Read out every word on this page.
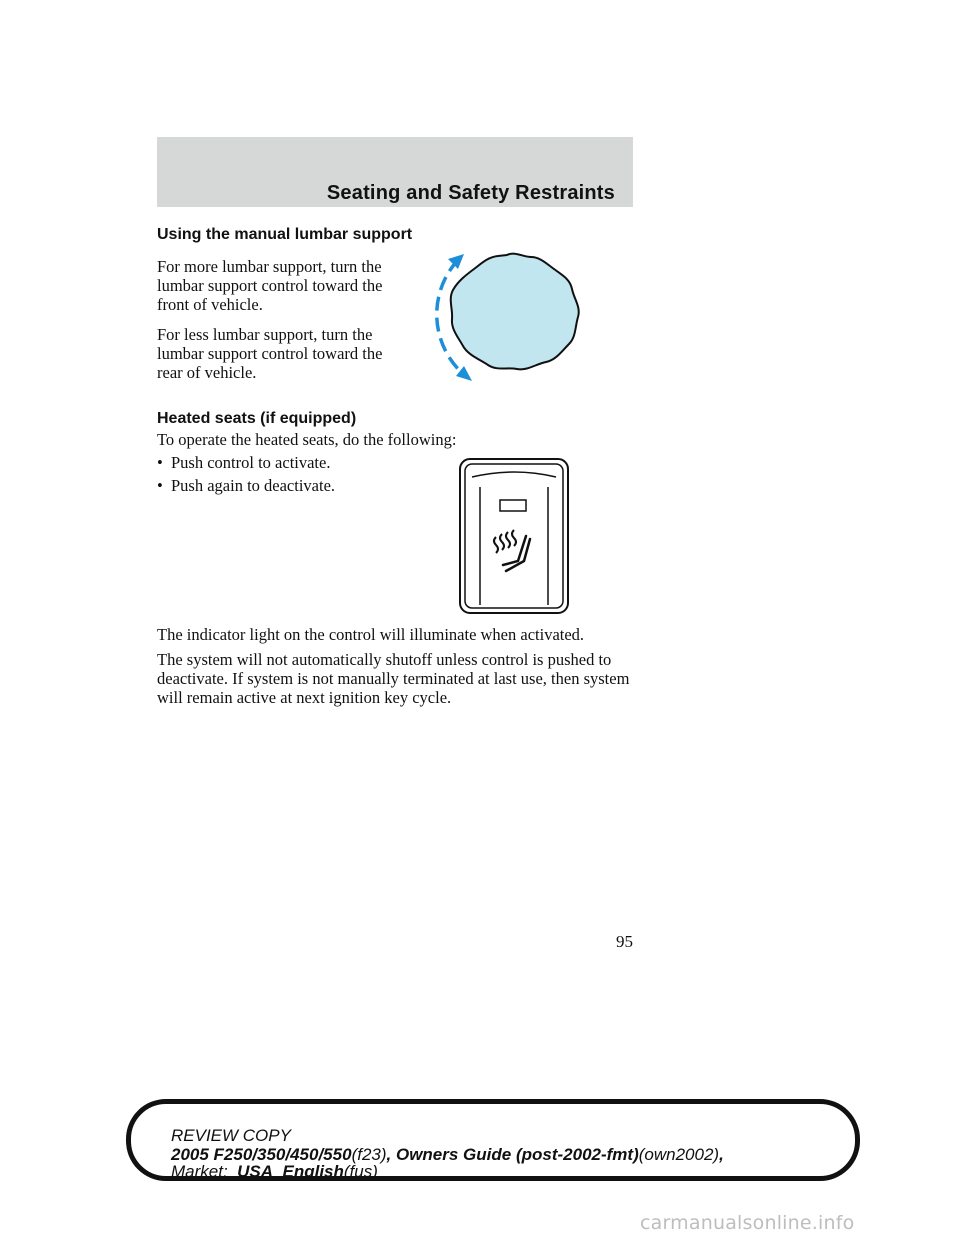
Seating and Safety Restraints
Using the manual lumbar support
For more lumbar support, turn the
lumbar support control toward the
front of vehicle.
For less lumbar support, turn the
lumbar support control toward the
rear of vehicle.
Heated seats (if equipped)
To operate the heated seats, do the following:
• Push control to activate.
• Push again to deactivate.
The indicator light on the control will illuminate when activated.
The system will not automatically shutoff unless control is pushed to
deactivate. If system is not manually terminated at last use, then system
will remain active at next ignition key cycle.
95
REVIEW COPY
2005 F250/350/450/550(f23), Owners Guide (post-2002-fmt)(own2002),
Market: USA_English(fus)
carmanualsonline.info
